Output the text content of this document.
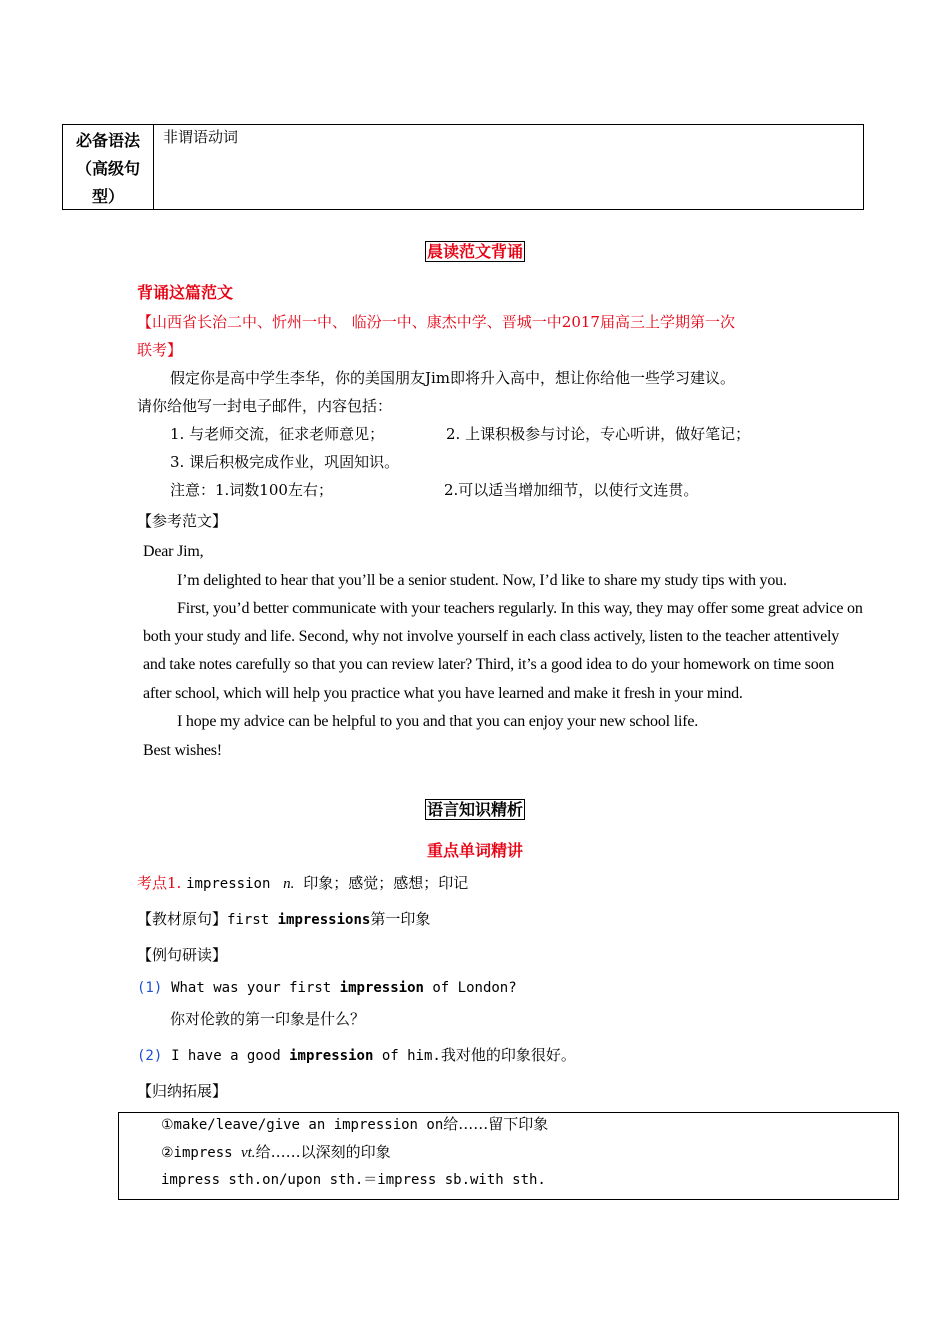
必备语法
（高级句
型）
非谓语动词
晨读范文背诵
背诵这篇范文
【山西省长治二中、忻州一中、 临汾一中、康杰中学、晋城一中2017届高三上学期第一次
联考】
假定你是高中学生李华，你的美国朋友Jim即将升入高中，想让你给他一些学习建议。
请你给他写一封电子邮件，内容包括：
1. 与老师交流，征求老师意见；	2. 上课积极参与讨论，专心听讲，做好笔记；
3. 课后积极完成作业，巩固知识。
注意：1.词数100左右；	2.可以适当增加细节，以使行文连贯。
【参考范文】
Dear Jim,
I’m delighted to hear that you’ll be a senior student. Now, I’d like to share my study tips with you.
First, you’d better communicate with your teachers regularly. In this way, they may offer some great advice on
both your study and life. Second, why not involve yourself in each class actively, listen to the teacher attentively
and take notes carefully so that you can review later? Third, it’s a good idea to do your homework on time soon
after school, which will help you practice what you have learned and make it fresh in your mind.
I hope my advice can be helpful to you and that you can enjoy your new school life.
Best wishes!
语言知识精析
重点单词精讲
考点1. impression n. 印象；感觉；感想；印记
【教材原句】first impressions第一印象
【例句研读】
(1) What was your first impression of London?
你对伦敦的第一印象是什么？
(2) I have a good impression of him.我对他的印象很好。
【归纳拓展】
①make/leave/give an impression on给……留下印象
②impress vt.给……以深刻的印象
impress sth.on/upon sth.＝impress sb.with sth.
